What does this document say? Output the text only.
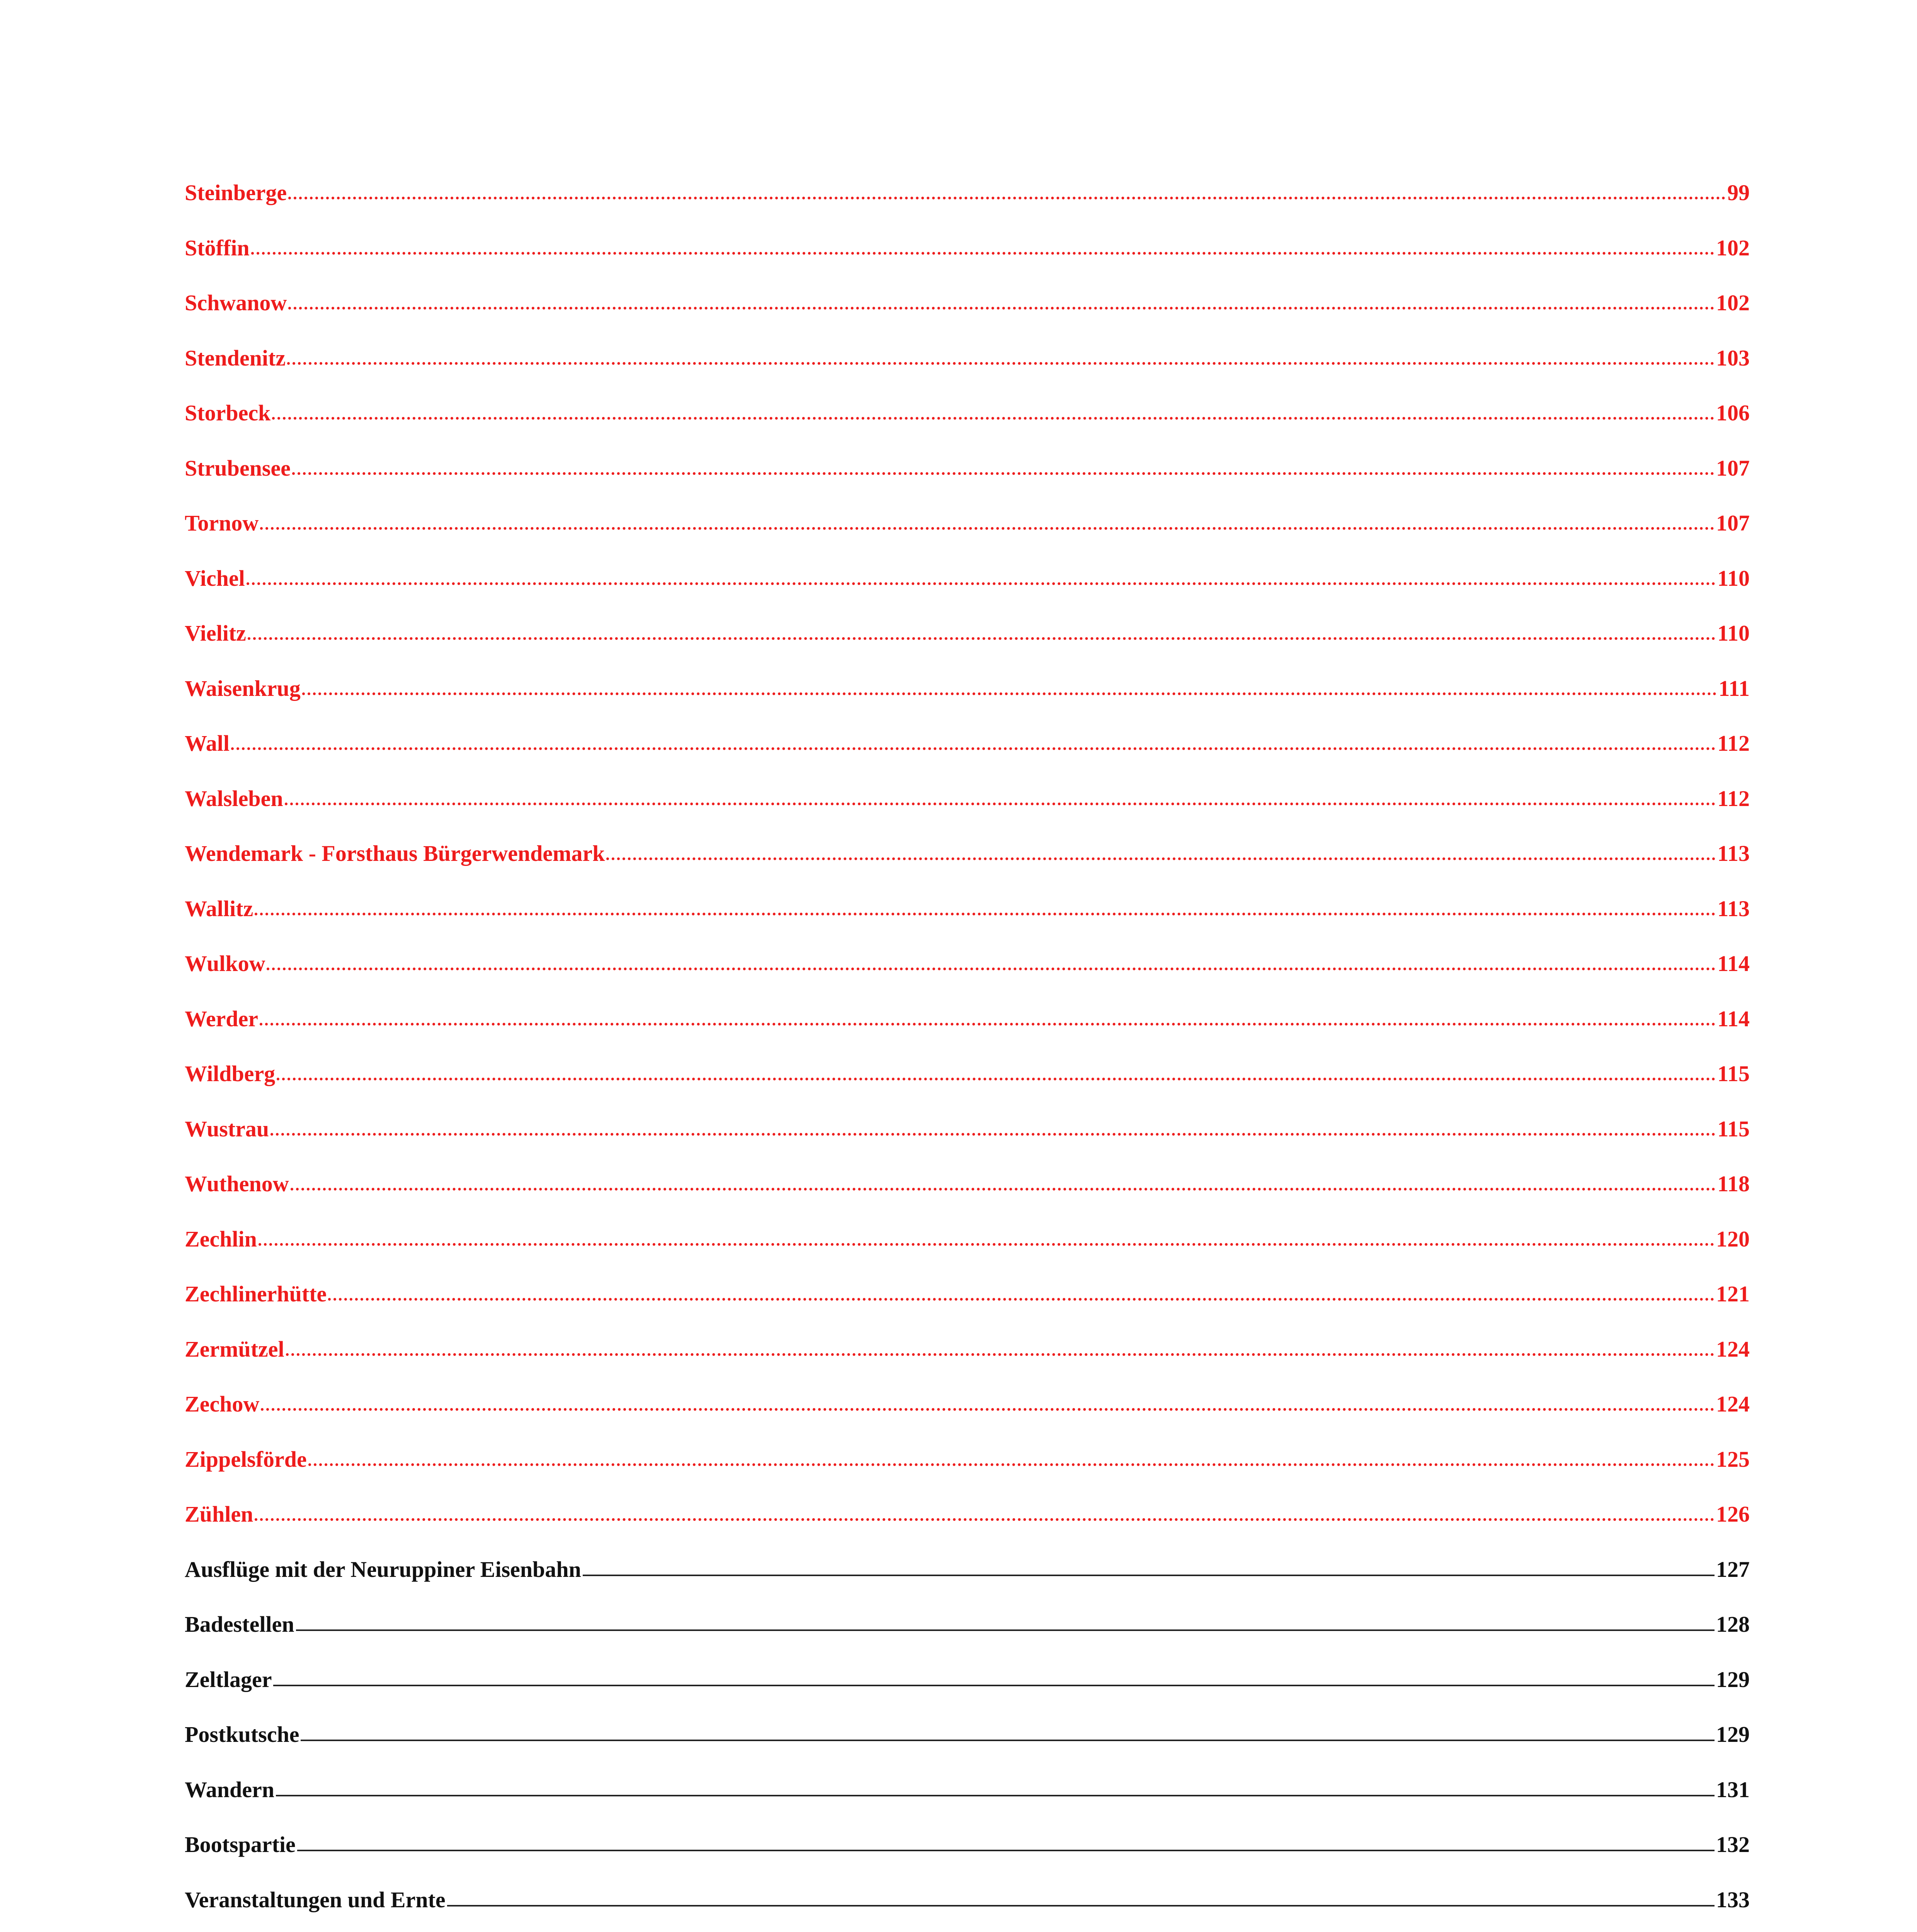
Steinberge	99
Stöffin	102
Schwanow	102
Stendenitz	103
Storbeck	106
Strubensee	107
Tornow	107
Vichel	110
Vielitz	110
Waisenkrug	111
Wall	112
Walsleben	112
Wendemark - Forsthaus Bürgerwendemark	113
Wallitz	113
Wulkow	114
Werder	114
Wildberg	115
Wustrau	115
Wuthenow	118
Zechlin	120
Zechlinerhütte	121
Zermützel	124
Zechow	124
Zippelsförde	125
Zühlen	126
Ausflüge mit der Neuruppiner Eisenbahn	127
Badestellen	128
Zeltlager	129
Postkutsche	129
Wandern	131
Bootspartie	132
Veranstaltungen und Ernte	133
